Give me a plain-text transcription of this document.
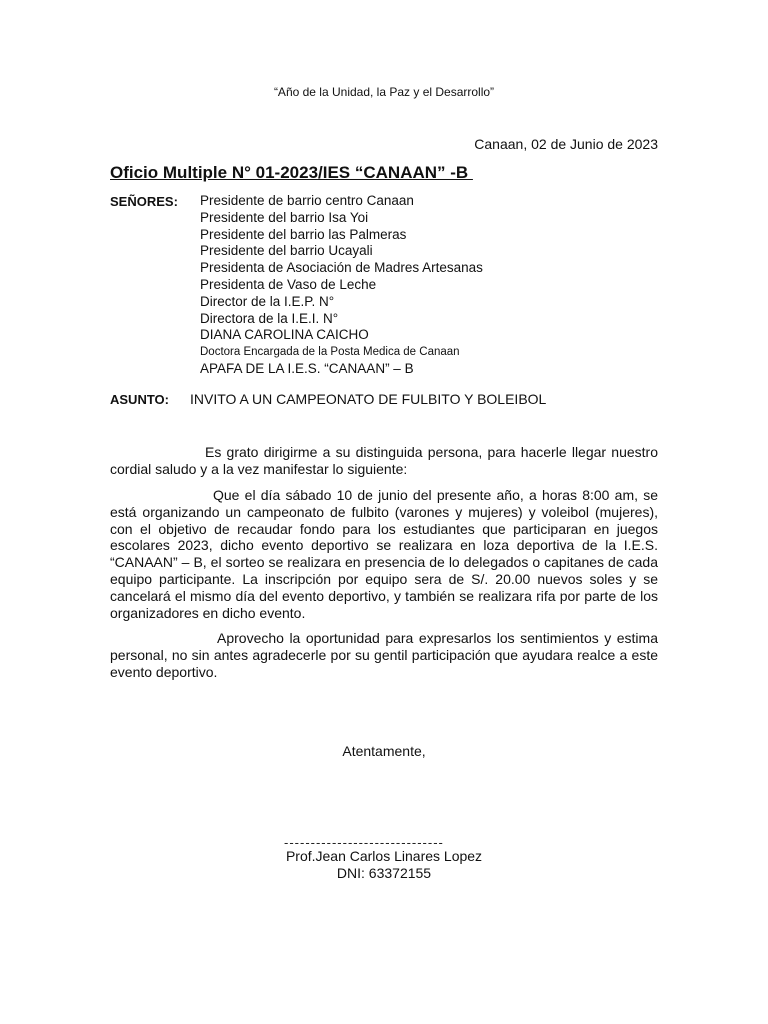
“Año de la Unidad, la Paz y el Desarrollo”
Canaan, 02 de Junio de 2023
Oficio Multiple N° 01-2023/IES “CANAAN” -B
SEÑORES: Presidente de barrio centro Canaan
Presidente del barrio Isa Yoi
Presidente del barrio las Palmeras
Presidente del barrio Ucayali
Presidenta de Asociación de Madres Artesanas
Presidenta de Vaso de Leche
Director de la I.E.P. N°
Directora de la I.E.I. N°
DIANA CAROLINA CAICHO
Doctora Encargada de la Posta Medica de Canaan
APAFA DE LA I.E.S. “CANAAN” – B
ASUNTO: INVITO A UN CAMPEONATO DE FULBITO Y BOLEIBOL

Es grato dirigirme a su distinguida persona, para hacerle llegar nuestro cordial saludo y a la vez manifestar lo siguiente:

Que el día sábado 10 de junio del presente año, a horas 8:00 am, se está organizando un campeonato de fulbito (varones y mujeres) y voleibol (mujeres), con el objetivo de recaudar fondo para los estudiantes que participaran en juegos escolares 2023, dicho evento deportivo se realizara en loza deportiva de la I.E.S. “CANAAN” – B, el sorteo se realizara en presencia de lo delegados o capitanes de cada equipo participante. La inscripción por equipo sera de S/. 20.00 nuevos soles y se cancelará el mismo día del evento deportivo, y también se realizara rifa por parte de los organizadores en dicho evento.

Aprovecho la oportunidad para expresarlos los sentimientos y estima personal, no sin antes agradecerle por su gentil participación que ayudara realce a este evento deportivo.

Atentamente,
------------------------------
Prof.Jean Carlos Linares Lopez
DNI: 63372155
